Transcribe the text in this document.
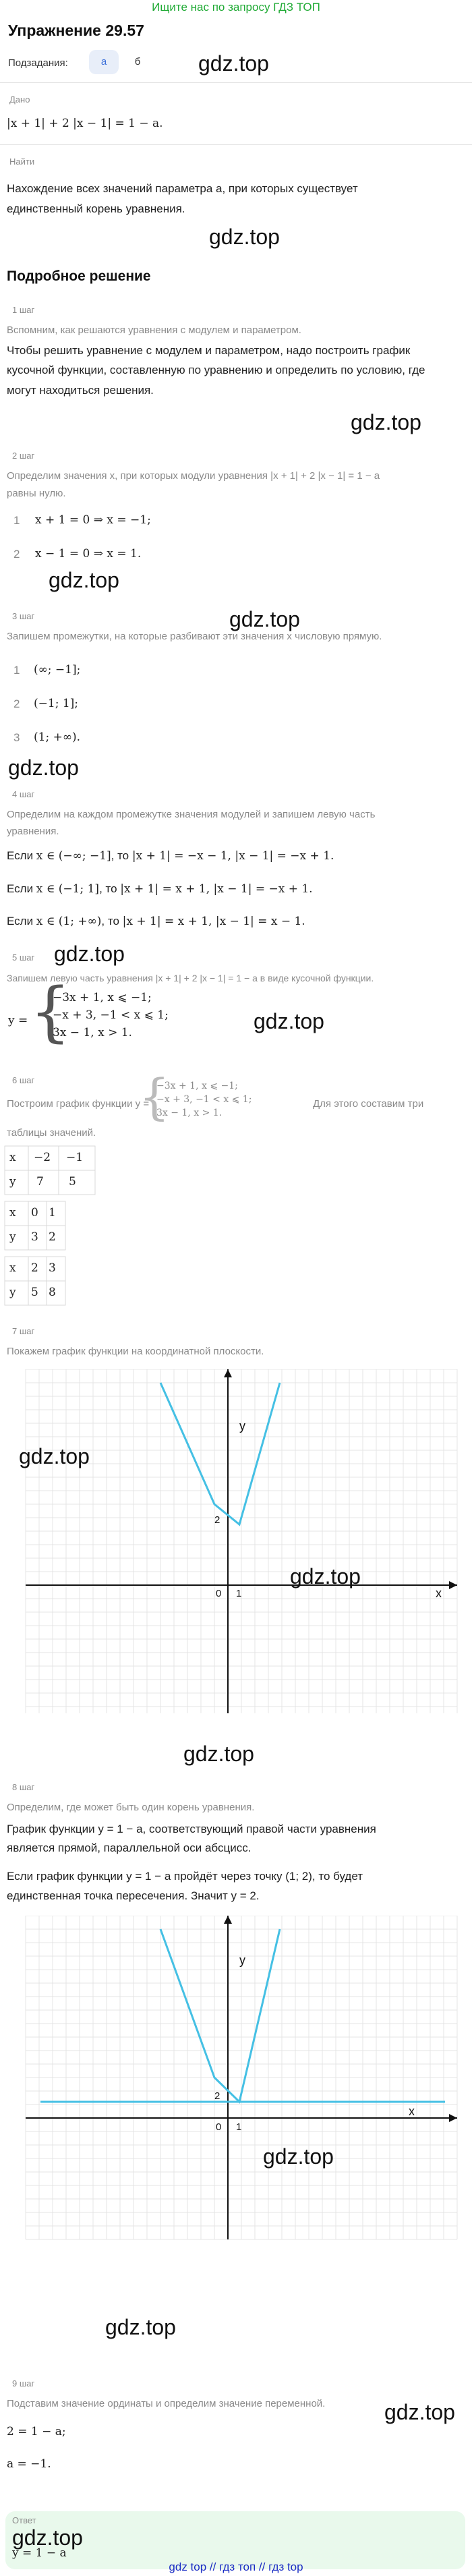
Ищите нас по запросу ГДЗ ТОП
Упражнение 29.57
Подзадания:	а	б	gdz.top
Дано
|x + 1| + 2 |x − 1| = 1 − a.
Найти
Нахождение всех значений параметра a, при которых существует
единственный корень уравнения.
gdz.top
Подробное решение
1 шаг
Вспомним, как решаются уравнения с модулем и параметром.
Чтобы решить уравнение с модулем и параметром, надо построить график
кусочной функции, составленную по уравнению и определить по условию, где
могут находиться решения.
gdz.top
2 шаг
Определим значения x, при которых модули уравнения |x + 1| + 2 |x − 1| = 1 − a
равны нулю.
1 x + 1 = 0 ⇒ x = −1;
2 x − 1 = 0 ⇒ x = 1.
gdz.top
3 шаг
Запишем промежутки, на которые разбивают эти значения x числовую прямую.
gdz.top
1 (∞; −1];
2 (−1; 1];
3 (1; +∞).
gdz.top
4 шаг
Определим на каждом промежутке значения модулей и запишем левую часть
уравнения.
Если x ∈ (−∞; −1], то |x + 1| = −x − 1, |x − 1| = −x + 1.
Если x ∈ (−1; 1], то |x + 1| = x + 1, |x − 1| = −x + 1.
Если x ∈ (1; +∞), то |x + 1| = x + 1, |x − 1| = x − 1.
5 шаг gdz.top
Запишем левую часть уравнения |x + 1| + 2 |x − 1| = 1 − a в виде кусочной функции.
y = {
−3x + 1, x ⩽ −1;
−x + 3, −1 < x ⩽ 1;
3x − 1, x > 1.	gdz.top
6 шаг
Построим график функции y =
{
−3x + 1, x ⩽ −1;
−x + 3, −1 < x ⩽ 1;
3x − 1, x > 1.
Для этого составим три
таблицы значений.
x −2 −1
y 7 5
x 0 1
y 3 2
x 2 3
y 5 8
7 шаг
Покажем график функции на координатной плоскости.
x
y
0 1
2
gdz.top
gdz.top
gdz.top
8 шаг
Определим, где может быть один корень уравнения.
График функции y = 1 − a, соответствующий правой части уравнения
является прямой, параллельной оси абсцисс.
Если график функции y = 1 − a пройдёт через точку (1; 2), то будет
единственная точка пересечения. Значит y = 2.
x
y
0 1
2
gdz.top
gdz.top
9 шаг
Подставим значение ординаты и определим значение переменной.	gdz.top
2 = 1 − a;
a = −1.
Ответ
gdz.top
y = 1 − a
gdz top // гдз топ // гдз top
